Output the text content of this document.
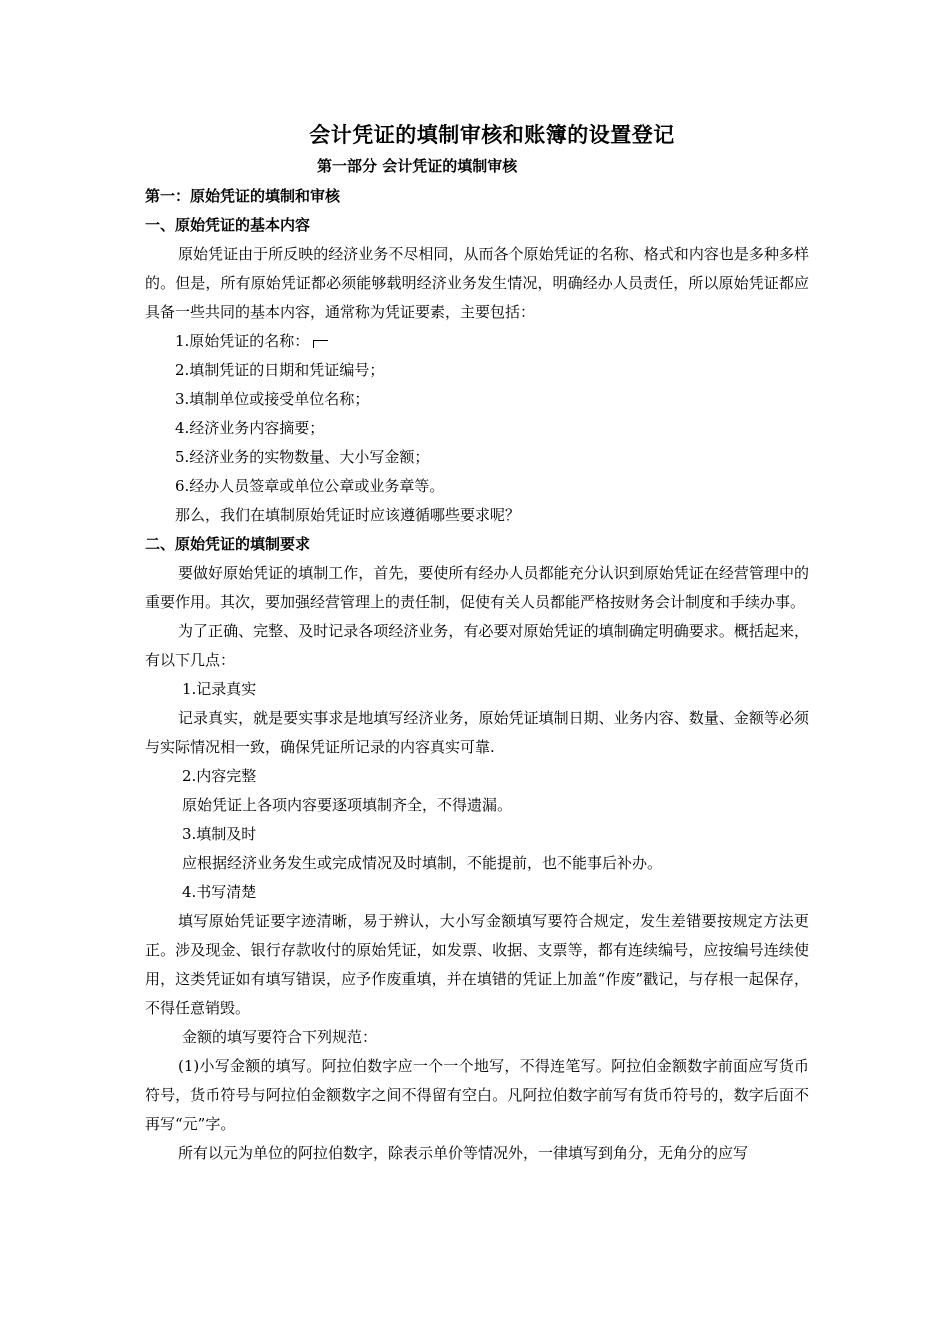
会计凭证的填制审核和账簿的设置登记

第一部分 会计凭证的填制审核

第一：原始凭证的填制和审核

一、原始凭证的基本内容

原始凭证由于所反映的经济业务不尽相同，从而各个原始凭证的名称、格式和内容也是多种多样的。但是，所有原始凭证都必须能够载明经济业务发生情况，明确经办人员责任，所以原始凭证都应具备一些共同的基本内容，通常称为凭证要素，主要包括：

1.原始凭证的名称：

2.填制凭证的日期和凭证编号；

3.填制单位或接受单位名称；

4.经济业务内容摘要；

5.经济业务的实物数量、大小写金额；

6.经办人员签章或单位公章或业务章等。

那么，我们在填制原始凭证时应该遵循哪些要求呢？

二、原始凭证的填制要求

要做好原始凭证的填制工作，首先，要使所有经办人员都能充分认识到原始凭证在经营管理中的重要作用。其次，要加强经营管理上的责任制，促使有关人员都能严格按财务会计制度和手续办事。

为了正确、完整、及时记录各项经济业务，有必要对原始凭证的填制确定明确要求。概括起来，有以下几点：

1.记录真实

记录真实，就是要实事求是地填写经济业务，原始凭证填制日期、业务内容、数量、金额等必须与实际情况相一致，确保凭证所记录的内容真实可靠.

2.内容完整

原始凭证上各项内容要逐项填制齐全，不得遗漏。

3.填制及时

应根据经济业务发生或完成情况及时填制，不能提前，也不能事后补办。

4.书写清楚

填写原始凭证要字迹清晰，易于辨认，大小写金额填写要符合规定，发生差错要按规定方法更正。涉及现金、银行存款收付的原始凭证，如发票、收据、支票等，都有连续编号，应按编号连续使用，这类凭证如有填写错误，应予作废重填，并在填错的凭证上加盖“作废”戳记，与存根一起保存，不得任意销毁。

金额的填写要符合下列规范：

(1)小写金额的填写。阿拉伯数字应一个一个地写，不得连笔写。阿拉伯金额数字前面应写货币符号，货币符号与阿拉伯金额数字之间不得留有空白。凡阿拉伯数字前写有货币符号的，数字后面不再写“元”字。

所有以元为单位的阿拉伯数字，除表示单价等情况外，一律填写到角分，无角分的应写
